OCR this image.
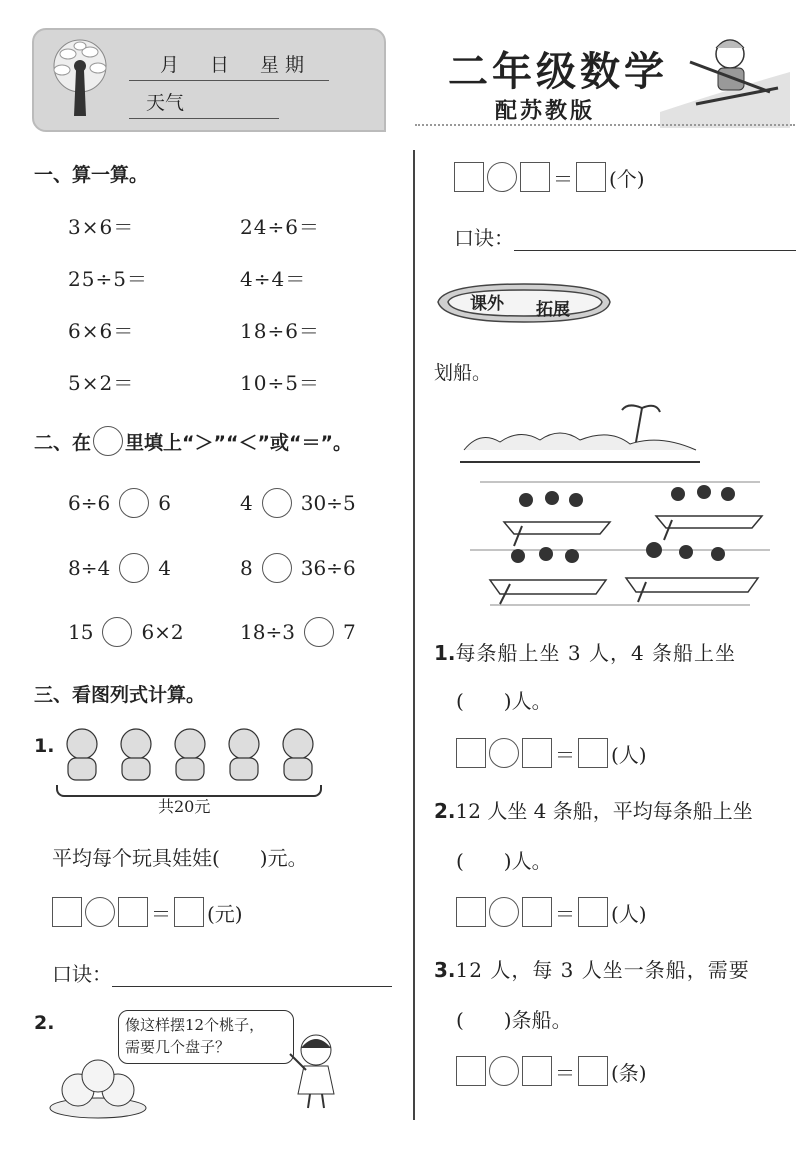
月　日　星期
天气
二年级数学
配苏教版
一、算一算。
3×6＝	24÷6＝
25÷5＝	4÷4＝
6×6＝	18÷6＝
5×2＝	10÷5＝
二、在 里填上“＞”“＜”或“＝”。
6÷6 6	4 30÷5
8÷4 4	8 36÷6
15 6×2	18÷3 7
三、看图列式计算。
1.
共20元
平均每个玩具娃娃(　　)元。
＝ (元)
口诀：
2.	像这样摆12个桃子，
需要几个盘子？
＝ (个)
口诀：
课外 拓展
划船。
1.每条船上坐 3 人，4 条船上坐
(　　)人。
＝ (人)
2.12 人坐 4 条船，平均每条船上坐
(　　)人。
＝ (人)
3.12 人，每 3 人坐一条船，需要
(　　)条船。
＝ (条)
